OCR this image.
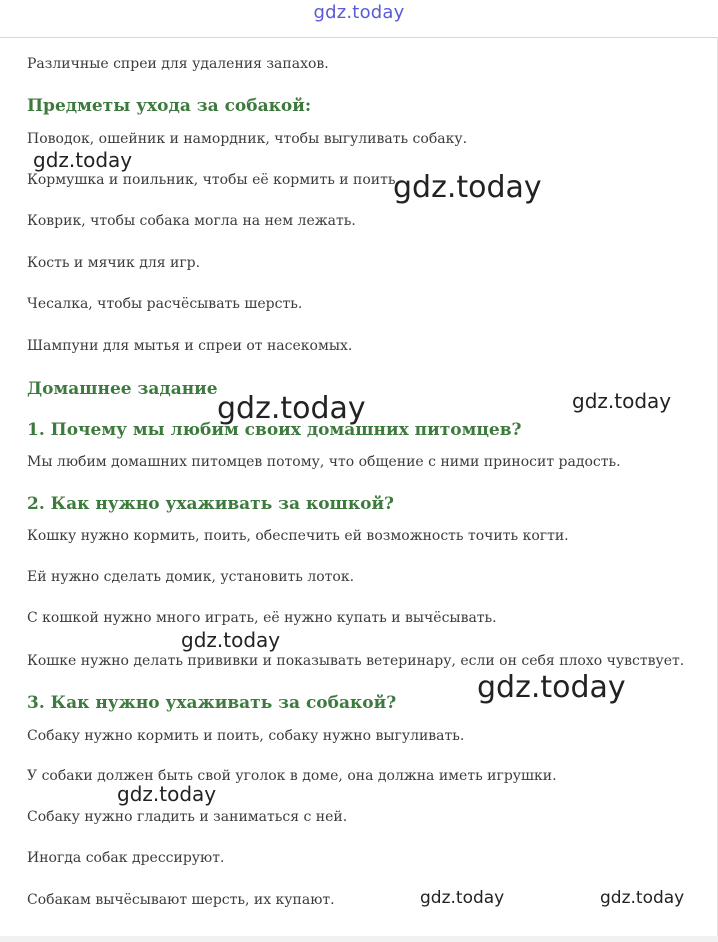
gdz.today
Различные спреи для удаления запахов.
Предметы ухода за собакой:
Поводок, ошейник и намордник, чтобы выгуливать собаку.
Кормушка и поильник, чтобы её кормить и поить.
Коврик, чтобы собака могла на нем лежать.
Кость и мячик для игр.
Чесалка, чтобы расчёсывать шерсть.
Шампуни для мытья и спреи от насекомых.
Домашнее задание
1. Почему мы любим своих домашних питомцев?
Мы любим домашних питомцев потому, что общение с ними приносит радость.
2. Как нужно ухаживать за кошкой?
Кошку нужно кормить, поить, обеспечить ей возможность точить когти.
Ей нужно сделать домик, установить лоток.
С кошкой нужно много играть, её нужно купать и вычёсывать.
Кошке нужно делать прививки и показывать ветеринару, если он себя плохо чувствует.
3. Как нужно ухаживать за собакой?
Собаку нужно кормить и поить, собаку нужно выгуливать.
У собаки должен быть свой уголок в доме, она должна иметь игрушки.
Собаку нужно гладить и заниматься с ней.
Иногда собак дрессируют.
Собакам вычёсывают шерсть, их купают.
gdz.today
gdz.today
gdz.today	gdz.today
gdz.today
gdz.today
gdz.today
gdz.today	gdz.today
